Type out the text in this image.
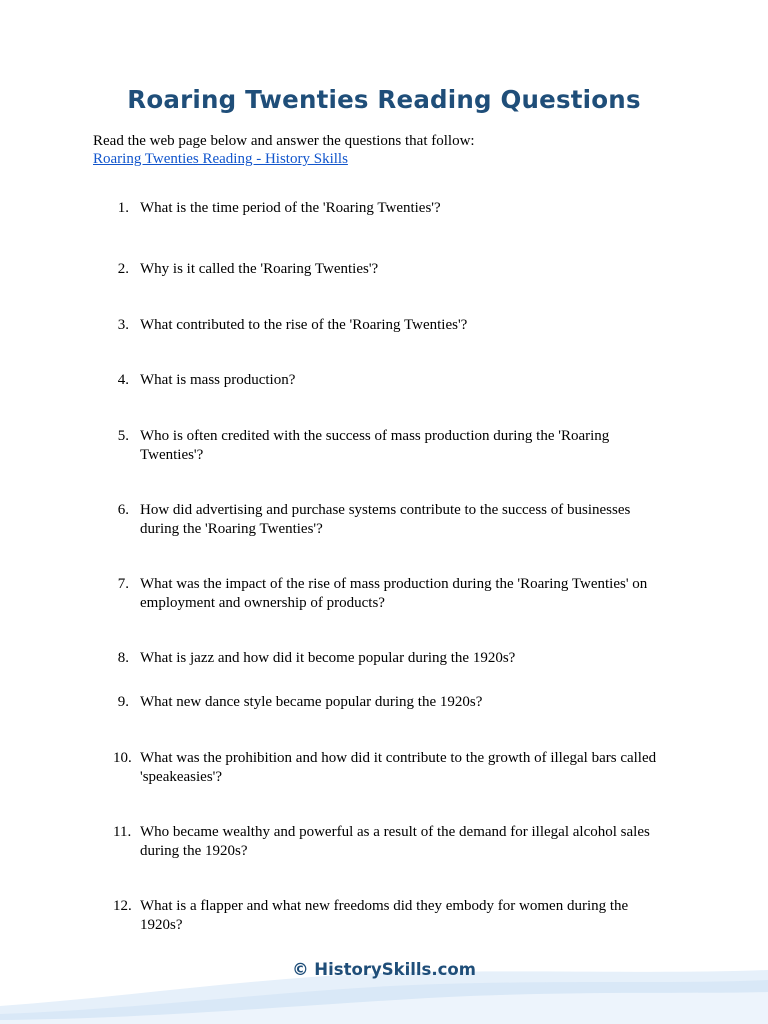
Roaring Twenties Reading Questions
Read the web page below and answer the questions that follow:
Roaring Twenties Reading - History Skills
1. What is the time period of the 'Roaring Twenties'?
2. Why is it called the 'Roaring Twenties'?
3. What contributed to the rise of the 'Roaring Twenties'?
4. What is mass production?
5. Who is often credited with the success of mass production during the 'Roaring Twenties'?
6. How did advertising and purchase systems contribute to the success of businesses during the 'Roaring Twenties'?
7. What was the impact of the rise of mass production during the 'Roaring Twenties' on employment and ownership of products?
8. What is jazz and how did it become popular during the 1920s?
9. What new dance style became popular during the 1920s?
10. What was the prohibition and how did it contribute to the growth of illegal bars called 'speakeasies'?
11. Who became wealthy and powerful as a result of the demand for illegal alcohol sales during the 1920s?
12. What is a flapper and what new freedoms did they embody for women during the 1920s?
© HistorySkills.com
